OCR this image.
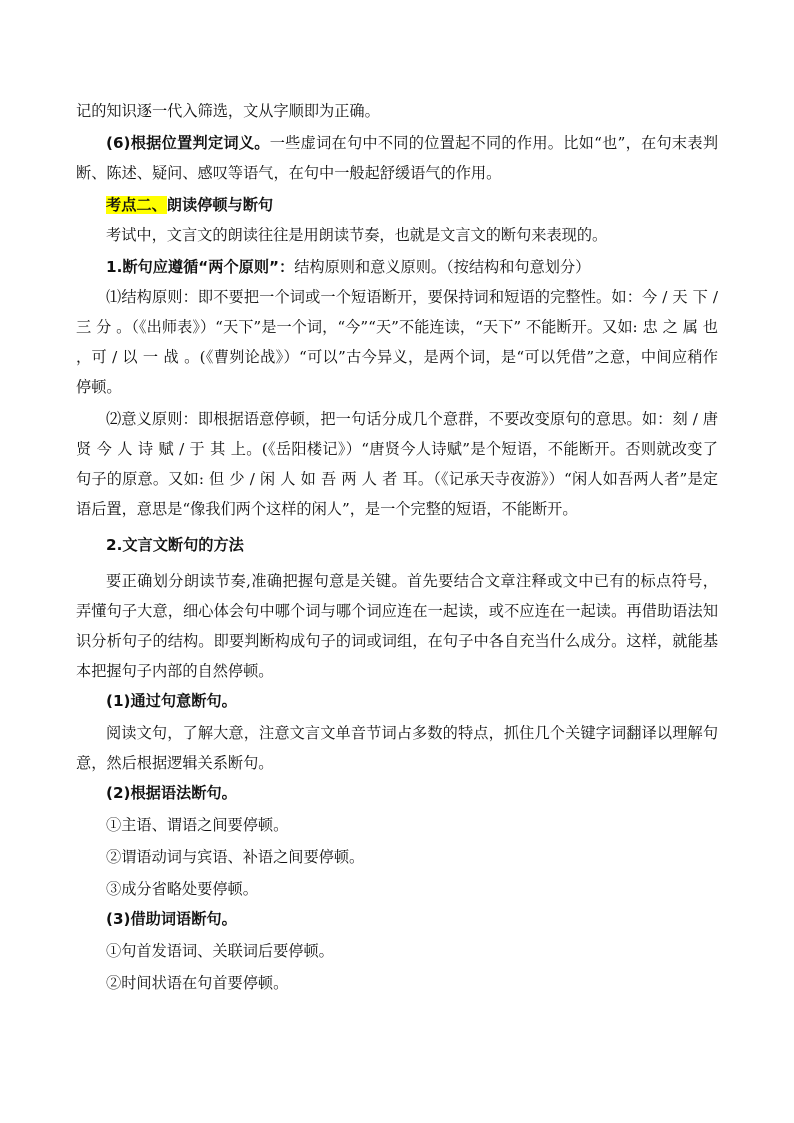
记的知识逐一代入筛选，文从字顺即为正确。

(6)根据位置判定词义。一些虚词在句中不同的位置起不同的作用。比如“也”，在句末表判断、陈述、疑问、感叹等语气，在句中一般起舒缓语气的作用。

考点二、朗读停顿与断句

考试中，文言文的朗读往往是用朗读节奏，也就是文言文的断句来表现的。

1.断句应遵循“两个原则”：结构原则和意义原则。（按结构和句意划分）

⑴结构原则：即不要把一个词或一个短语断开，要保持词和短语的完整性。如：今 / 天 下 / 三 分 。（《出师表》）“天下”是一个词，“今”“天”不能连读，“天下” 不能断开。又如: 忠 之 属 也 ，可 / 以 一 战 。(《曹刿论战》）“可以”古今异义，是两个词，是“可以凭借”之意，中间应稍作停顿。

⑵意义原则：即根据语意停顿，把一句话分成几个意群，不要改变原句的意思。如：刻 / 唐 贤 今 人 诗 赋 / 于 其 上。(《岳阳楼记》）“唐贤今人诗赋”是个短语，不能断开。否则就改变了句子的原意。又如: 但 少 / 闲 人 如 吾 两 人 者 耳。（《记承天寺夜游》）“闲人如吾两人者”是定语后置，意思是“像我们两个这样的闲人”，是一个完整的短语，不能断开。

2.文言文断句的方法

要正确划分朗读节奏,准确把握句意是关键。首先要结合文章注释或文中已有的标点符号，弄懂句子大意，细心体会句中哪个词与哪个词应连在一起读，或不应连在一起读。再借助语法知识分析句子的结构。即要判断构成句子的词或词组，在句子中各自充当什么成分。这样，就能基本把握句子内部的自然停顿。

(1)通过句意断句。

阅读文句，了解大意，注意文言文单音节词占多数的特点，抓住几个关键字词翻译以理解句意，然后根据逻辑关系断句。

(2)根据语法断句。

①主语、谓语之间要停顿。

②谓语动词与宾语、补语之间要停顿。

③成分省略处要停顿。

(3)借助词语断句。

①句首发语词、关联词后要停顿。

②时间状语在句首要停顿。
